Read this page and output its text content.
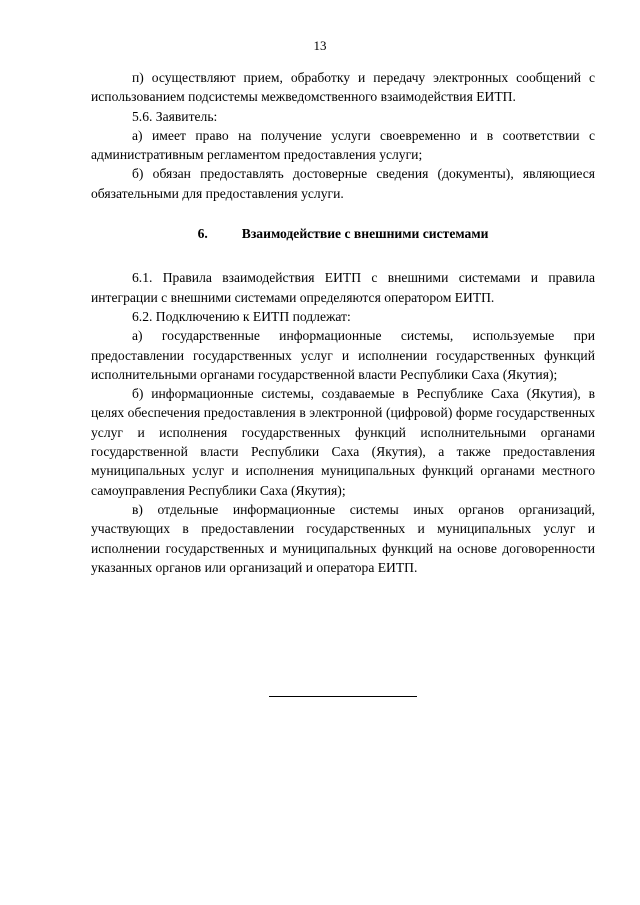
13

п) осуществляют прием, обработку и передачу электронных сообщений с использованием подсистемы межведомственного взаимодействия ЕИТП.

5.6. Заявитель:

а) имеет право на получение услуги своевременно и в соответствии с административным регламентом предоставления услуги;

б) обязан предоставлять достоверные сведения (документы), являющиеся обязательными для предоставления услуги.

6.	Взаимодействие с внешними системами

6.1. Правила взаимодействия ЕИТП с внешними системами и правила интеграции с внешними системами определяются оператором ЕИТП.

6.2. Подключению к ЕИТП подлежат:

а) государственные информационные системы, используемые при предоставлении государственных услуг и исполнении государственных функций исполнительными органами государственной власти Республики Саха (Якутия);

б) информационные системы, создаваемые в Республике Саха (Якутия), в целях обеспечения предоставления в электронной (цифровой) форме государственных услуг и исполнения государственных функций исполнительными органами государственной власти Республики Саха (Якутия), а также предоставления муниципальных услуг и исполнения муниципальных функций органами местного самоуправления Республики Саха (Якутия);

в) отдельные информационные системы иных органов организаций, участвующих в предоставлении государственных и муниципальных услуг и исполнении государственных и муниципальных функций на основе договоренности указанных органов или организаций и оператора ЕИТП.
